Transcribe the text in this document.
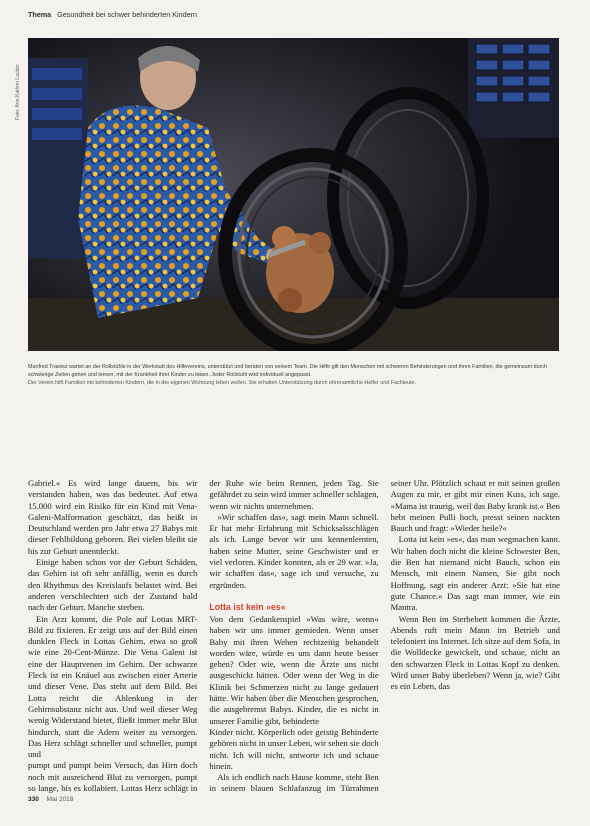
Thema Gesundheit bei schwer behinderten Kindern
Foto: Ann-Kathrin Lauber

Manfred Trawisz wartet an der Rollstühle in der Werkstatt des Hilfevereins, unterstützt und beraten von seinem Team. Die Hilfe gilt den Menschen mit schweren Behinderungen und ihren Familien, die gemeinsam durch schwierige Zeiten gehen und lernen, mit der Krankheit ihrer Kinder zu leben. Jeder Rollstuhl wird individuell angepasst.

Der Verein hilft Familien mit behinderten Kindern, die in der eigenen Wohnung leben wollen. Sie erhalten Unterstützung durch ehrenamtliche Helfer und Fachleute.

Gabriel.« Es wird lange dauern, bis wir verstanden haben, was das bedeutet. Auf etwa 15.000 wird ein Risiko für ein Kind mit Vena-Galeni-Malformation geschätzt, das heißt in Deutschland werden pro Jahr etwa 27 Babys mit dieser Fehlbildung geboren. Bei vielen bleibt sie bis zur Geburt unentdeckt.

Einige haben schon vor der Geburt Schäden, das Gehirn ist oft sehr anfällig, wenn es durch den Rhythmus des Kreislaufs belastet wird. Bei anderen verschlechtert sich der Zustand bald nach der Geburt. Manche sterben.

Ein Arzt kommt, die Pole auf Lottas MRT-Bild zu fixieren. Er zeigt uns auf der Bild einen dunklen Fleck in Lottas Gehirn, etwa so groß wie eine 20-Cent-Münze. Die Vena Galeni ist eine der Hauptvenen im Gehirn. Der schwarze Fleck ist ein Knäuel aus zwischen einer Arterie und dieser Vene. Das steht auf dem Bild. Bei Lotta reicht die Ablenkung in der Gehirnsubstanz nicht aus. Und weil dieser Weg wenig Widerstand bietet, fließt immer mehr Blut hindurch, statt die Adern weiter zu versorgen. Das Herz schlägt schneller und schneller, pumpt und

pumpt und pumpt beim Versuch, das Hirn doch noch mit ausreichend Blut zu versorgen, pumpt so lange, bis es kollabiert. Lottas Herz schlägt in der Ruhe wie beim Rennen, jeden Tag. Sie gefährdet zu sein wird immer schneller schlagen, wenn wir nichts unternehmen.

»Wir schaffen das«, sagt mein Mann schnell. Er hat mehr Erfahrung mit Schicksalsschlägen als ich. Lange bevor wir uns kennenlernten, haben seine Mutter, seine Geschwister und er viel verloren. Kinder konnten, als er 29 war. »Ja, wir schaffen das«, sage ich und versuche, zu ergründen.

Lotta ist kein »es«

Von dem Gedankenspiel »Was wäre, wenn« haben wir uns immer gemieden. Wenn unser Baby mit ihren Wehen rechtzeitig behandelt worden wäre, würde es uns dann heute besser gehen? Oder wie, wenn die Ärzte uns nicht ausgeschickt hätten. Oder wenn der Weg in die Klinik bei Schmerzen nicht zu lange gedauert hätte. Wir haben über die Menschen gesprochen, die ausgebremst Babys. Kinder, die es nicht in unserer Familie gibt, behinderte

Kinder nicht. Körperlich oder geistig Behinderte gehören nicht in unser Leben, wir sehen sie doch nicht. Ich will nicht, antworte ich und schaue hinein.

Als ich endlich nach Hause komme, steht Ben in seinem blauen Schlafanzug im Türrahmen seiner Uhr. Plötzlich schaut er mit seinen großen Augen zu mir, er gibt mir einen Kuss, ich sage. »Mama ist traurig, weil das Baby krank ist.« Ben hebt meinen Pulli hoch, presst seinen nackten Bauch und fragt: »Wieder heile?«

Lotta ist kein »es«, das man wegmachen kann. Wir haben doch nicht die kleine Schwester Ben, die Ben hat niemand nicht Bauch, schon ein Mensch, mit einem Namen, Sie gibt noch Hoffnung, sagt ein anderer Arzt: »Sie hat eine gute Chance.« Das sagt man immer, wie ein Mantra.

Wenn Ben im Sterbebett kommen die Ärzte, Abends ruft mein Mann im Betrieb und telefoniert ins Internet. Ich sitze auf dem Sofa, in die Wolldecke gewickelt, und schaue, nicht an den schwarzen Fleck in Lottas Kopf zu denken. Wird unser Baby überleben? Wenn ja, wie? Gibt es ein Leben, das

330 Mai 2018
